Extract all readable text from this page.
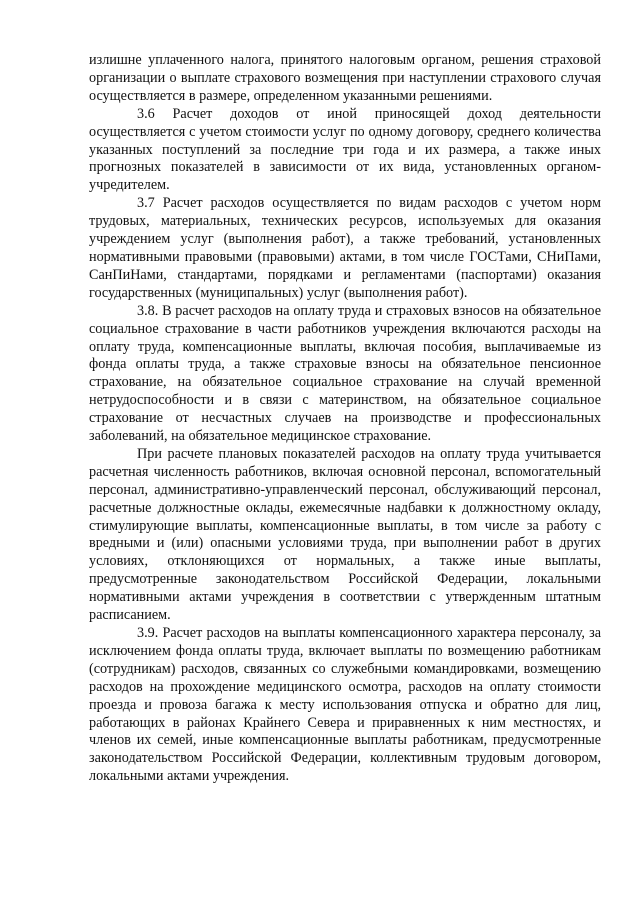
излишне уплаченного налога, принятого налоговым органом, решения страховой организации о выплате страхового возмещения при наступлении страхового случая осуществляется в размере, определенном указанными решениями.

3.6 Расчет доходов от иной приносящей доход деятельности осуществляется с учетом стоимости услуг по одному договору, среднего количества указанных поступлений за последние три года и их размера, а также иных прогнозных показателей в зависимости от их вида, установленных органом-учредителем.

3.7 Расчет расходов осуществляется по видам расходов с учетом норм трудовых, материальных, технических ресурсов, используемых для оказания учреждением услуг (выполнения работ), а также требований, установленных нормативными правовыми (правовыми) актами, в том числе ГОСТами, СНиПами, СанПиНами, стандартами, порядками и регламентами (паспортами) оказания государственных (муниципальных) услуг (выполнения работ).

3.8. В расчет расходов на оплату труда и страховых взносов на обязательное социальное страхование в части работников учреждения включаются расходы на оплату труда, компенсационные выплаты, включая пособия, выплачиваемые из фонда оплаты труда, а также страховые взносы на обязательное пенсионное страхование, на обязательное социальное страхование на случай временной нетрудоспособности и в связи с материнством, на обязательное социальное страхование от несчастных случаев на производстве и профессиональных заболеваний, на обязательное медицинское страхование.

При расчете плановых показателей расходов на оплату труда учитывается расчетная численность работников, включая основной персонал, вспомогательный персонал, административно-управленческий персонал, обслуживающий персонал, расчетные должностные оклады, ежемесячные надбавки к должностному окладу, стимулирующие выплаты, компенсационные выплаты, в том числе за работу с вредными и (или) опасными условиями труда, при выполнении работ в других условиях, отклоняющихся от нормальных, а также иные выплаты, предусмотренные законодательством Российской Федерации, локальными нормативными актами учреждения в соответствии с утвержденным штатным расписанием.

3.9. Расчет расходов на выплаты компенсационного характера персоналу, за исключением фонда оплаты труда, включает выплаты по возмещению работникам (сотрудникам) расходов, связанных со служебными командировками, возмещению расходов на прохождение медицинского осмотра, расходов на оплату стоимости проезда и провоза багажа к месту использования отпуска и обратно для лиц, работающих в районах Крайнего Севера и приравненных к ним местностях, и членов их семей, иные компенсационные выплаты работникам, предусмотренные законодательством Российской Федерации, коллективным трудовым договором, локальными актами учреждения.
